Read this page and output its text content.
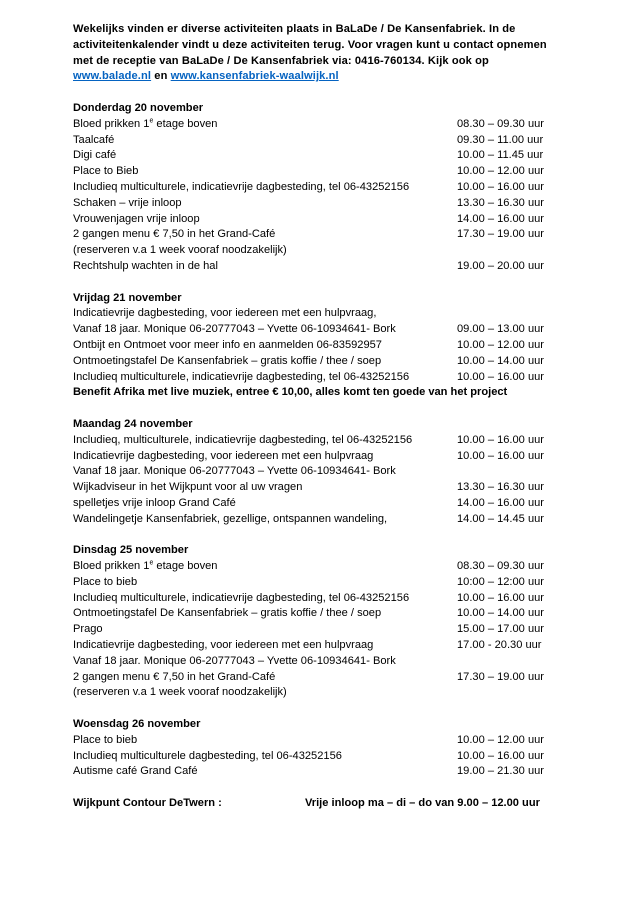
Wekelijks vinden er diverse activiteiten plaats in BaLaDe / De Kansenfabriek. In de
activiteitenkalender vindt u deze activiteiten terug. Voor vragen kunt u contact opnemen
met de receptie van BaLaDe / De Kansenfabriek via: 0416-760134. Kijk ook op
www.balade.nl en www.kansenfabriek-waalwijk.nl

Donderdag 20 november
Bloed prikken 1e etage boven	08.30 – 09.30 uur
Taalcafé	09.30 – 11.00 uur
Digi café	10.00 – 11.45 uur
Place to Bieb	10.00 – 12.00 uur
Includieq multiculturele, indicatievrije dagbesteding, tel 06-43252156	10.00 – 16.00 uur
Schaken – vrije inloop	13.30 – 16.30 uur
Vrouwenjagen vrije inloop	14.00 – 16.00 uur
2 gangen menu € 7,50 in het Grand-Café	17.30 – 19.00 uur
(reserveren v.a 1 week vooraf noodzakelijk)
Rechtshulp wachten in de hal	19.00 – 20.00 uur
Vrijdag 21 november
Indicatievrije dagbesteding, voor iedereen met een hulpvraag,
Vanaf 18 jaar. Monique 06-20777043 – Yvette 06-10934641- Bork	09.00 – 13.00 uur
Ontbijt en Ontmoet voor meer info en aanmelden 06-83592957	10.00 – 12.00 uur
Ontmoetingstafel De Kansenfabriek – gratis koffie / thee / soep	10.00 – 14.00 uur
Includieq multiculturele, indicatievrije dagbesteding, tel 06-43252156	10.00 – 16.00 uur
Benefit Afrika met live muziek, entree € 10,00, alles komt ten goede van het project
Maandag 24 november
Includieq, multiculturele, indicatievrije dagbesteding, tel 06-43252156	10.00 – 16.00 uur
Indicatievrije dagbesteding, voor iedereen met een hulpvraag	10.00 – 16.00 uur
Vanaf 18 jaar. Monique 06-20777043 – Yvette 06-10934641- Bork
Wijkadviseur in het Wijkpunt voor al uw vragen	13.30 – 16.30 uur
spelletjes vrije inloop Grand Café	14.00 – 16.00 uur
Wandelingetje Kansenfabriek, gezellige, ontspannen wandeling,	14.00 – 14.45 uur
Dinsdag 25 november
Bloed prikken 1e etage boven	08.30 – 09.30 uur
Place to bieb	10:00 – 12:00 uur
Includieq multiculturele, indicatievrije dagbesteding, tel 06-43252156	10.00 – 16.00 uur
Ontmoetingstafel De Kansenfabriek – gratis koffie / thee / soep	10.00 – 14.00 uur
Prago	15.00 – 17.00 uur
Indicatievrije dagbesteding, voor iedereen met een hulpvraag	17.00 - 20.30 uur
Vanaf 18 jaar. Monique 06-20777043 – Yvette 06-10934641- Bork
2 gangen menu € 7,50 in het Grand-Café	17.30 – 19.00 uur
(reserveren v.a 1 week vooraf noodzakelijk)
Woensdag 26 november
Place to bieb	10.00 – 12.00 uur
Includieq multiculturele dagbesteding, tel 06-43252156	10.00 – 16.00 uur
Autisme café Grand Café	19.00 – 21.30 uur
Wijkpunt Contour DeTwern :	Vrije inloop ma – di – do van 9.00 – 12.00 uur
